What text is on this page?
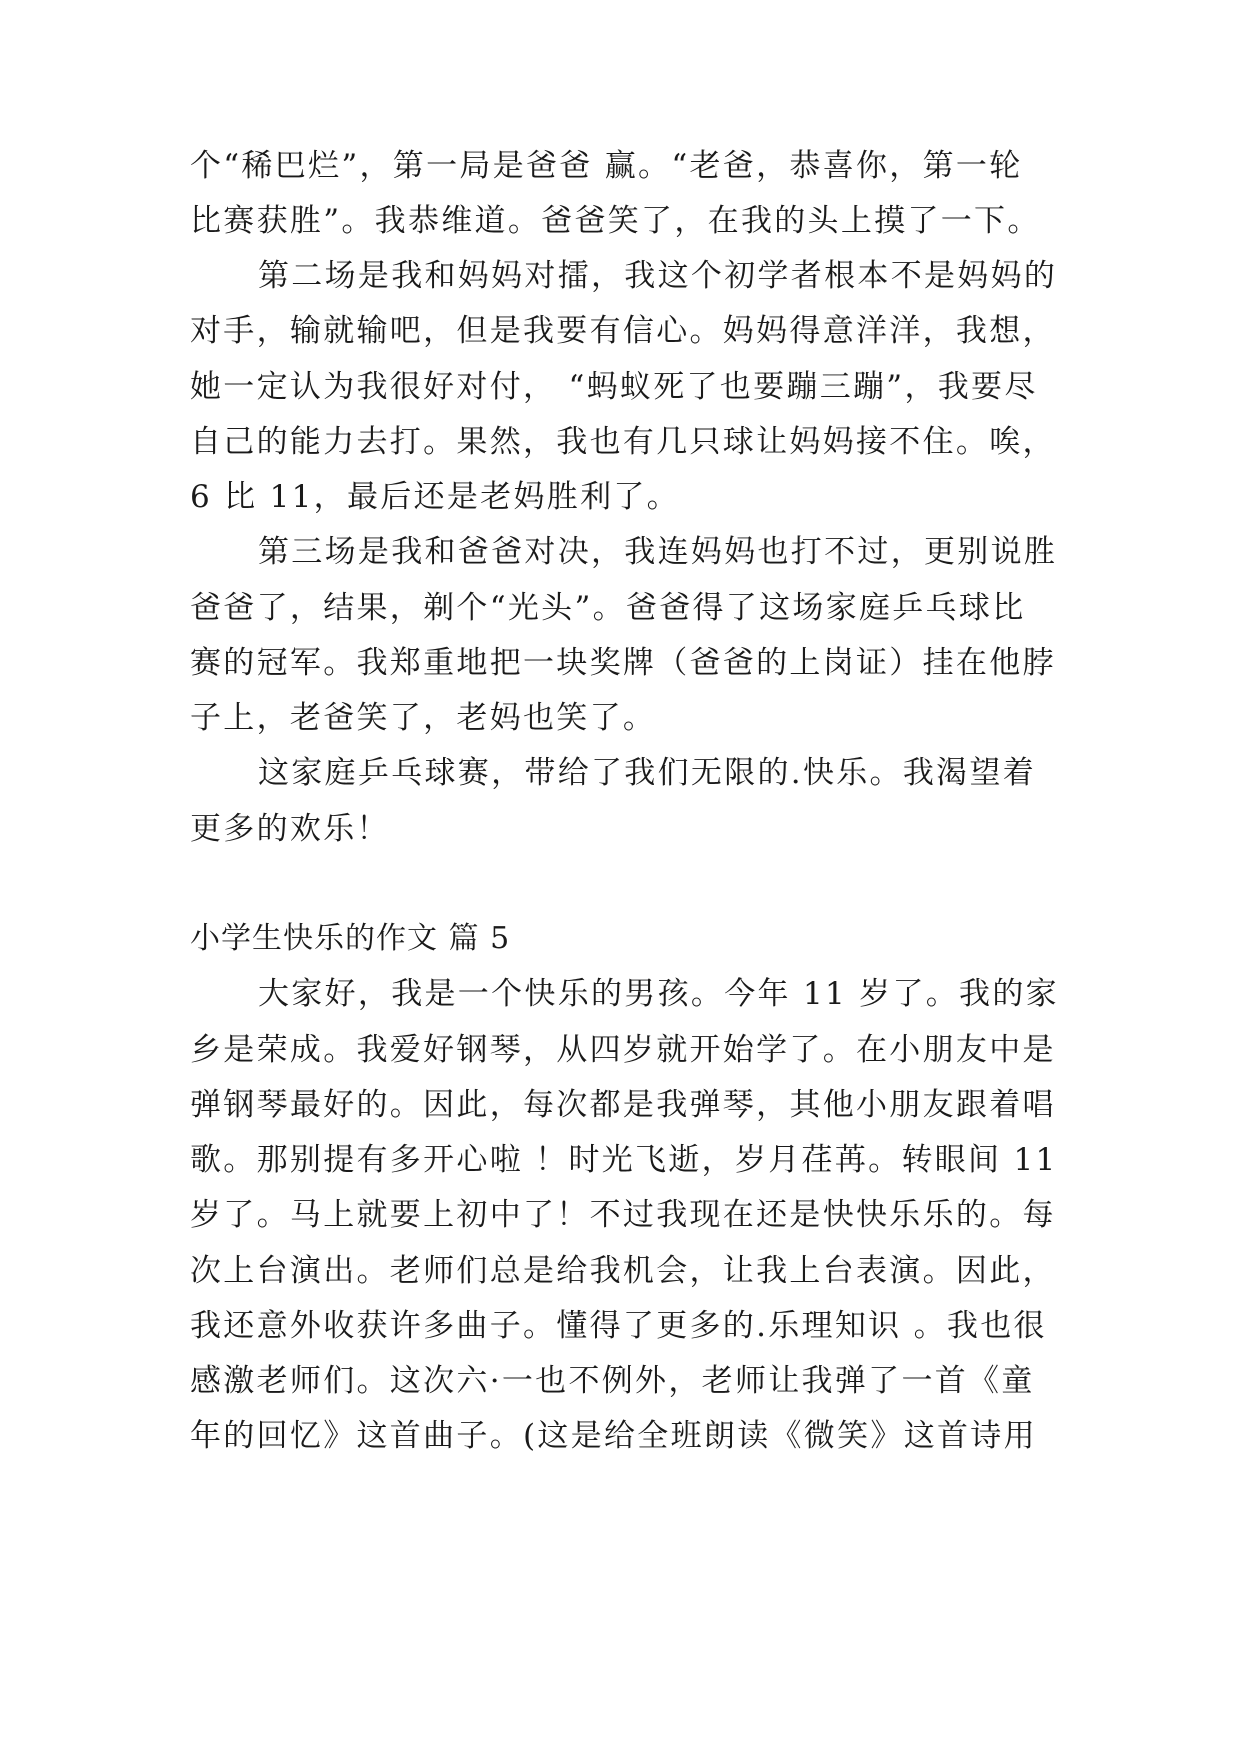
个“稀巴烂”，第一局是爸爸 赢。“老爸，恭喜你，第一轮
比赛获胜”。我恭维道。爸爸笑了，在我的头上摸了一下。
第二场是我和妈妈对擂，我这个初学者根本不是妈妈的
对手，输就输吧，但是我要有信心。妈妈得意洋洋，我想，
她一定认为我很好对付， “蚂蚁死了也要蹦三蹦”，我要尽
自己的能力去打。果然，我也有几只球让妈妈接不住。唉，
6 比 11，最后还是老妈胜利了。
第三场是我和爸爸对决，我连妈妈也打不过，更别说胜
爸爸了，结果，剃个“光头”。爸爸得了这场家庭乒乓球比
赛的冠军。我郑重地把一块奖牌（爸爸的上岗证）挂在他脖
子上，老爸笑了，老妈也笑了。
这家庭乒乓球赛，带给了我们无限的.快乐。我渴望着
更多的欢乐！
小学生快乐的作文 篇 5
大家好，我是一个快乐的男孩。今年 11 岁了。我的家
乡是荣成。我爱好钢琴，从四岁就开始学了。在小朋友中是
弹钢琴最好的。因此，每次都是我弹琴，其他小朋友跟着唱
歌。那别提有多开心啦 ！时光飞逝，岁月荏苒。转眼间 11
岁了。马上就要上初中了！不过我现在还是快快乐乐的。每
次上台演出。老师们总是给我机会，让我上台表演。因此，
我还意外收获许多曲子。懂得了更多的.乐理知识 。我也很
感激老师们。这次六·一也不例外，老师让我弹了一首《童
年的回忆》这首曲子。(这是给全班朗读《微笑》这首诗用
